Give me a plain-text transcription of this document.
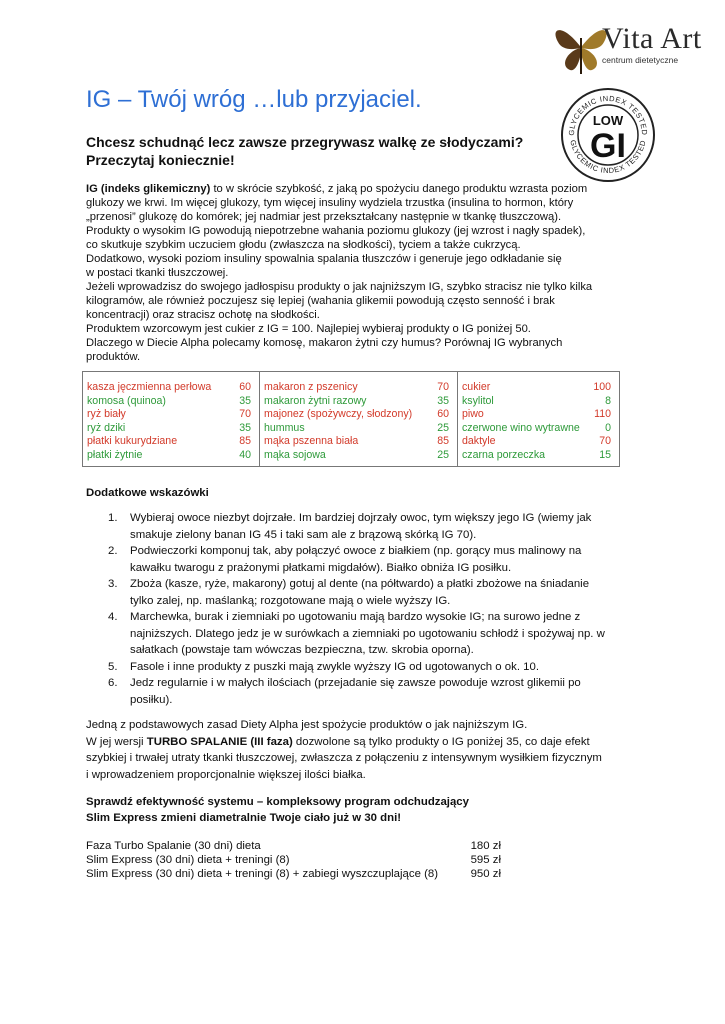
Vita Art
centrum dietetyczne
GLYCEMIC INDEX TESTED
GLYCEMIC INDEX TESTED
LOW
GI
IG – Twój wróg …lub przyjaciel.
Chcesz schudnąć lecz zawsze przegrywasz walkę ze słodyczami?
Przeczytaj koniecznie!
IG (indeks glikemiczny) to w skrócie szybkość, z jaką po spożyciu danego produktu wzrasta poziom
glukozy we krwi. Im więcej glukozy, tym więcej insuliny wydziela trzustka (insulina to hormon, który
„przenosi” glukozę do komórek; jej nadmiar jest przekształcany następnie w tkankę tłuszczową).
Produkty o wysokim IG powodują niepotrzebne wahania poziomu glukozy (jej wzrost i nagły spadek),
co skutkuje szybkim uczuciem głodu (zwłaszcza na słodkości), tyciem a także cukrzycą.
Dodatkowo, wysoki poziom insuliny spowalnia spalania tłuszczów i generuje jego odkładanie się
w postaci tkanki tłuszczowej.
Jeżeli wprowadzisz do swojego jadłospisu produkty o jak najniższym IG, szybko stracisz nie tylko kilka
kilogramów, ale również poczujesz się lepiej (wahania glikemii powodują często senność i brak
koncentracji) oraz stracisz ochotę na słodkości.
Produktem wzorcowym jest cukier z IG = 100. Najlepiej wybieraj produkty o IG poniżej 50.
Dlaczego w Diecie Alpha polecamy komosę, makaron żytni czy humus? Porównaj IG wybranych
produktów.
kasza jęczmienna perłowa	60
komosa (quinoa)	35
ryż biały	70
ryż dziki	35
płatki kukurydziane	85
płatki żytnie	40
makaron z pszenicy	70
makaron żytni razowy	35
majonez (spożywczy, słodzony) 60
hummus	25
mąka pszenna biała	85
mąka sojowa	25
cukier	100
ksylitol	8
piwo	110
czerwone wino wytrawne 0
daktyle	70
czarna porzeczka	15
Dodatkowe wskazówki
1. Wybieraj owoce niezbyt dojrzałe. Im bardziej dojrzały owoc, tym większy jego IG (wiemy jak
smakuje zielony banan IG 45 i taki sam ale z brązową skórką IG 70).
2. Podwieczorki komponuj tak, aby połączyć owoce z białkiem (np. gorący mus malinowy na
kawałku twarogu z prażonymi płatkami migdałów). Białko obniża IG posiłku.
3. Zboża (kasze, ryże, makarony) gotuj al dente (na półtwardo) a płatki zbożowe na śniadanie
tylko zalej, np. maślanką; rozgotowane mają o wiele wyższy IG.
4. Marchewka, burak i ziemniaki po ugotowaniu mają bardzo wysokie IG; na surowo jedne z
najniższych. Dlatego jedz je w surówkach a ziemniaki po ugotowaniu schłodź i spożywaj np. w
sałatkach (powstaje tam wówczas bezpieczna, tzw. skrobia oporna).
5. Fasole i inne produkty z puszki mają zwykle wyższy IG od ugotowanych o ok. 10.
6. Jedz regularnie i w małych ilościach (przejadanie się zawsze powoduje wzrost glikemii po
posiłku).
Jedną z podstawowych zasad Diety Alpha jest spożycie produktów o jak najniższym IG.
W jej wersji TURBO SPALANIE (III faza) dozwolone są tylko produkty o IG poniżej 35, co daje efekt
szybkiej i trwałej utraty tkanki tłuszczowej, zwłaszcza z połączeniu z intensywnym wysiłkiem fizycznym
i wprowadzeniem proporcjonalnie większej ilości białka.
Sprawdź efektywność systemu – kompleksowy program odchudzający
Slim Express zmieni diametralnie Twoje ciało już w 30 dni!
Faza Turbo Spalanie (30 dni) dieta	180 zł
Slim Express (30 dni) dieta + treningi (8)	595 zł
Slim Express (30 dni) dieta + treningi (8) + zabiegi wyszczuplające (8)	950 zł
